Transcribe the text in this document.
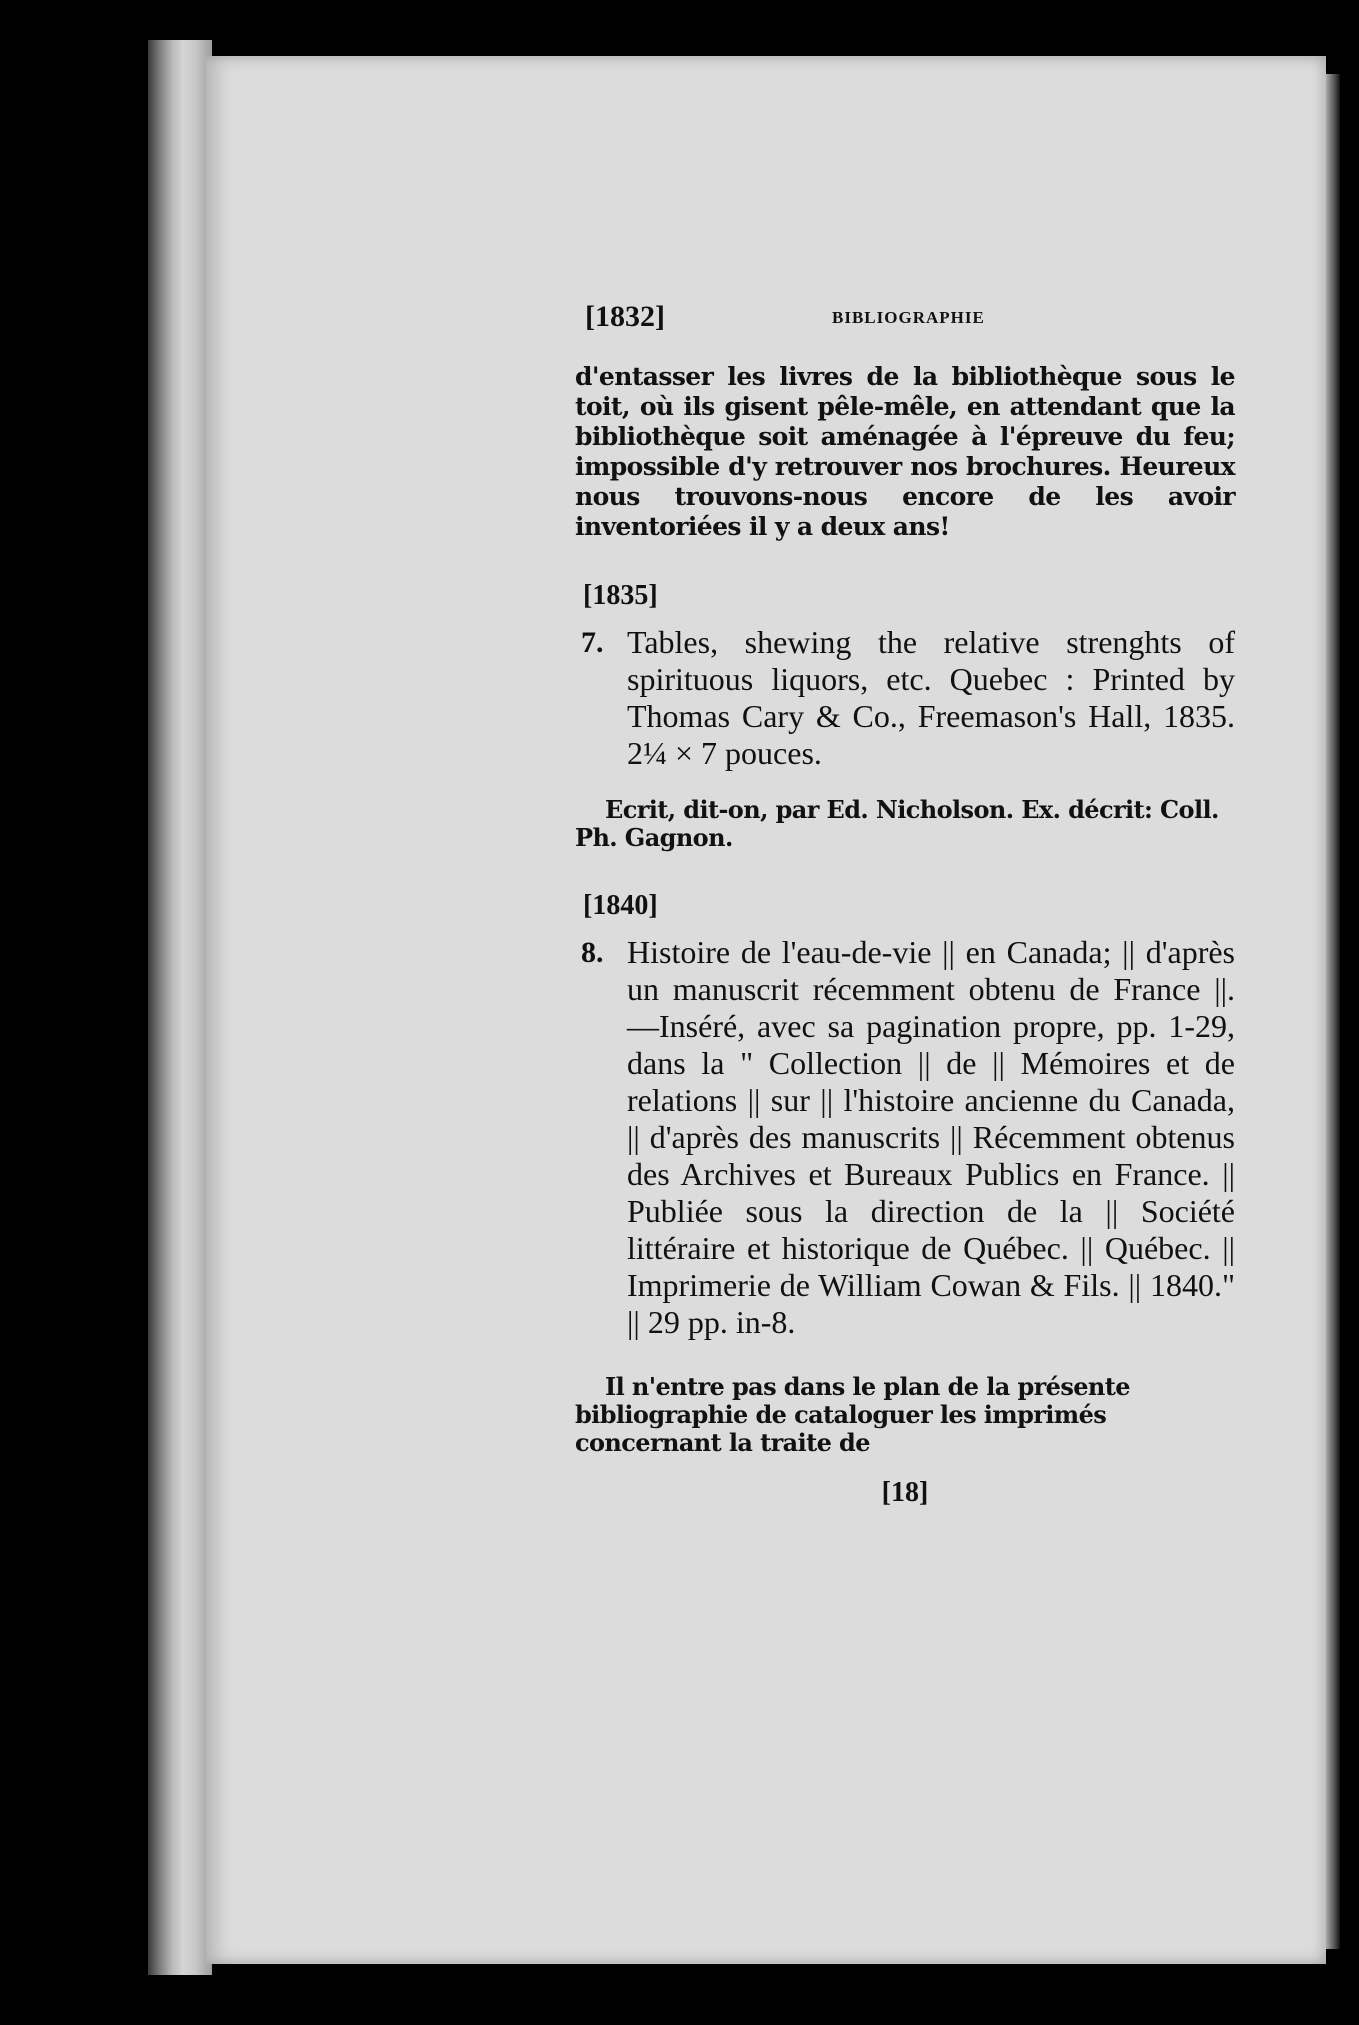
[1832]	BIBLIOGRAPHIE

d'entasser les livres de la bibliothèque sous le toit, où ils gisent pêle-mêle, en attendant que la bibliothèque soit aménagée à l'épreuve du feu; impossible d'y retrouver nos brochures. Heureux nous trouvons-nous encore de les avoir inventoriées il y a deux ans!

[1835]
7. Tables, shewing the relative strenghts of spirituous liquors, etc. Quebec : Printed by Thomas Cary & Co., Freemason's Hall, 1835. 2¼ × 7 pouces.
Ecrit, dit-on, par Ed. Nicholson. Ex. décrit: Coll. Ph. Gagnon.
[1840]
8. Histoire de l'eau-de-vie || en Canada; || d'après un manuscrit récemment obtenu de France ||. —Inséré, avec sa pagination propre, pp. 1-29, dans la " Collection || de || Mémoires et de relations || sur || l'histoire ancienne du Canada, || d'après des manuscrits || Récemment obtenus des Archives et Bureaux Publics en France. || Publiée sous la direction de la || Société littéraire et historique de Québec. || Québec. || Imprimerie de William Cowan & Fils. || 1840." || 29 pp. in-8.
Il n'entre pas dans le plan de la présente bibliographie de cataloguer les imprimés concernant la traite de
[18]
